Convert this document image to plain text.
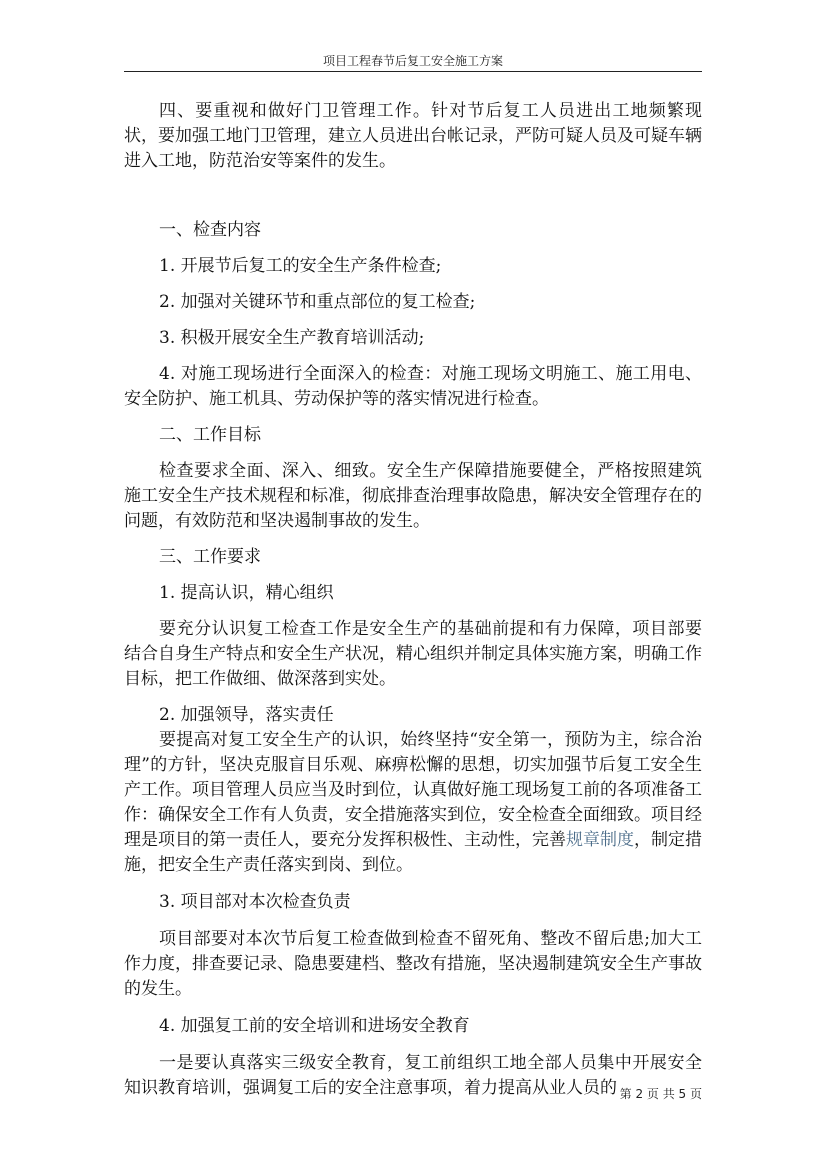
项目工程春节后复工安全施工方案

四、要重视和做好门卫管理工作。针对节后复工人员进出工地频繁现状，要加强工地门卫管理，建立人员进出台帐记录，严防可疑人员及可疑车辆进入工地，防范治安等案件的发生。

一、检查内容

1. 开展节后复工的安全生产条件检查;

2. 加强对关键环节和重点部位的复工检查;

3. 积极开展安全生产教育培训活动;

4. 对施工现场进行全面深入的检查：对施工现场文明施工、施工用电、安全防护、施工机具、劳动保护等的落实情况进行检查。

二、工作目标

检查要求全面、深入、细致。安全生产保障措施要健全，严格按照建筑施工安全生产技术规程和标准，彻底排查治理事故隐患，解决安全管理存在的问题，有效防范和坚决遏制事故的发生。

三、工作要求

1. 提高认识，精心组织

要充分认识复工检查工作是安全生产的基础前提和有力保障，项目部要结合自身生产特点和安全生产状况，精心组织并制定具体实施方案，明确工作目标，把工作做细、做深落到实处。

2. 加强领导，落实责任

要提高对复工安全生产的认识，始终坚持“安全第一，预防为主，综合治理”的方针，坚决克服盲目乐观、麻痹松懈的思想，切实加强节后复工安全生产工作。项目管理人员应当及时到位，认真做好施工现场复工前的各项准备工作：确保安全工作有人负责，安全措施落实到位，安全检查全面细致。项目经理是项目的第一责任人，要充分发挥积极性、主动性，完善规章制度，制定措施，把安全生产责任落实到岗、到位。

3. 项目部对本次检查负责

项目部要对本次节后复工检查做到检查不留死角、整改不留后患;加大工作力度，排查要记录、隐患要建档、整改有措施，坚决遏制建筑安全生产事故的发生。

4. 加强复工前的安全培训和进场安全教育

一是要认真落实三级安全教育，复工前组织工地全部人员集中开展安全知识教育培训，强调复工后的安全注意事项，着力提高从业人员的 第 2 页 共 5 页
